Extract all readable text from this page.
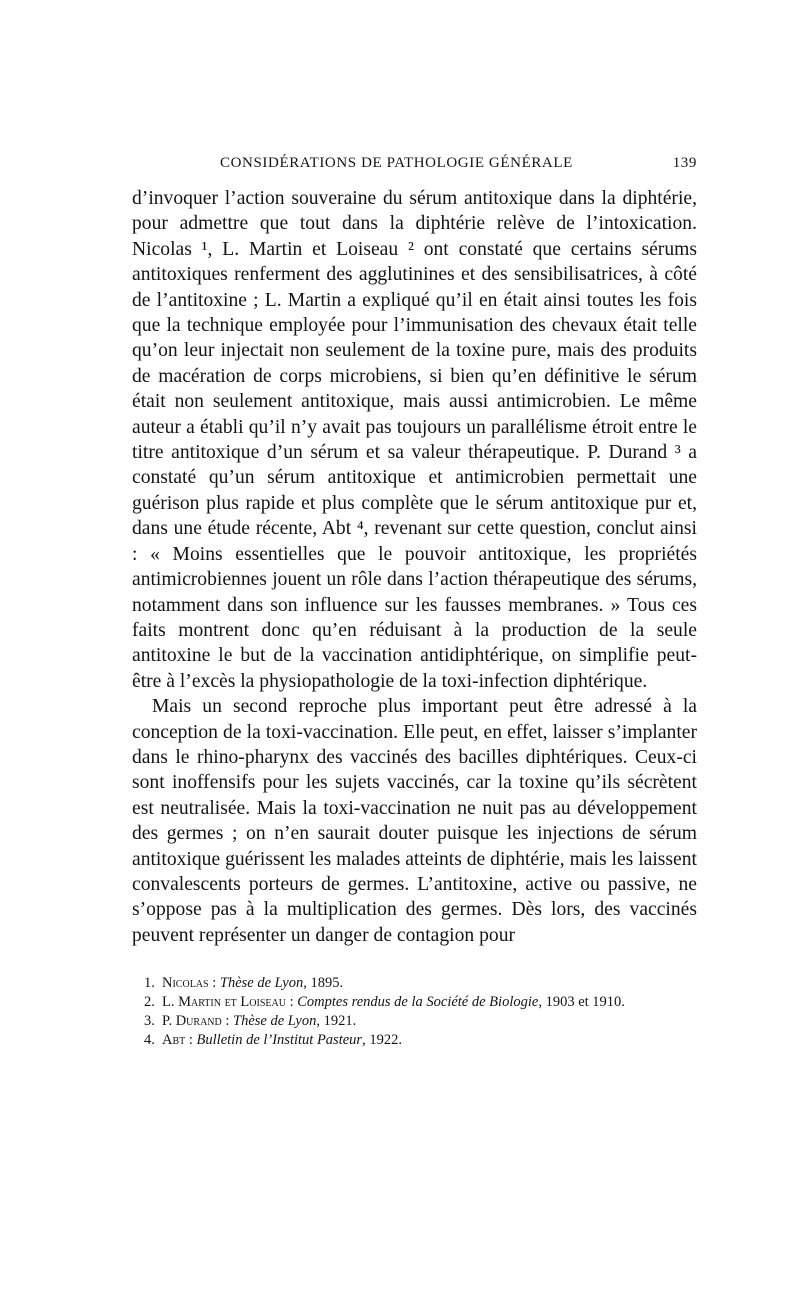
CONSIDÉRATIONS DE PATHOLOGIE GÉNÉRALE	139

d’invoquer l’action souveraine du sérum antitoxique dans la diphtérie, pour admettre que tout dans la diphtérie relève de l’intoxication. Nicolas ¹, L. Martin et Loiseau ² ont constaté que certains sérums antitoxiques renferment des agglutinines et des sensibilisatrices, à côté de l’antitoxine ; L. Martin a expliqué qu’il en était ainsi toutes les fois que la technique employée pour l’immunisation des chevaux était telle qu’on leur injectait non seulement de la toxine pure, mais des produits de macération de corps microbiens, si bien qu’en définitive le sérum était non seulement antitoxique, mais aussi antimicrobien. Le même auteur a établi qu’il n’y avait pas toujours un parallélisme étroit entre le titre antitoxique d’un sérum et sa valeur thérapeutique. P. Durand ³ a constaté qu’un sérum antitoxique et antimicrobien permettait une guérison plus rapide et plus complète que le sérum antitoxique pur et, dans une étude récente, Abt ⁴, revenant sur cette question, conclut ainsi : « Moins essentielles que le pouvoir antitoxique, les propriétés antimicrobiennes jouent un rôle dans l’action thérapeutique des sérums, notamment dans son influence sur les fausses membranes. » Tous ces faits montrent donc qu’en réduisant à la production de la seule antitoxine le but de la vaccination antidiphtérique, on simplifie peut-être à l’excès la physiopathologie de la toxi-infection diphtérique.

Mais un second reproche plus important peut être adressé à la conception de la toxi-vaccination. Elle peut, en effet, laisser s’implanter dans le rhino-pharynx des vaccinés des bacilles diphtériques. Ceux-ci sont inoffensifs pour les sujets vaccinés, car la toxine qu’ils sécrètent est neutralisée. Mais la toxi-vaccination ne nuit pas au développement des germes ; on n’en saurait douter puisque les injections de sérum antitoxique guérissent les malades atteints de diphtérie, mais les laissent convalescents porteurs de germes. L’antitoxine, active ou passive, ne s’oppose pas à la multiplication des germes. Dès lors, des vaccinés peuvent représenter un danger de contagion pour

1. Nicolas : Thèse de Lyon, 1895.

2. L. Martin et Loiseau : Comptes rendus de la Société de Biologie, 1903 et 1910.

3. P. Durand : Thèse de Lyon, 1921.

4. Abt : Bulletin de l’Institut Pasteur, 1922.
